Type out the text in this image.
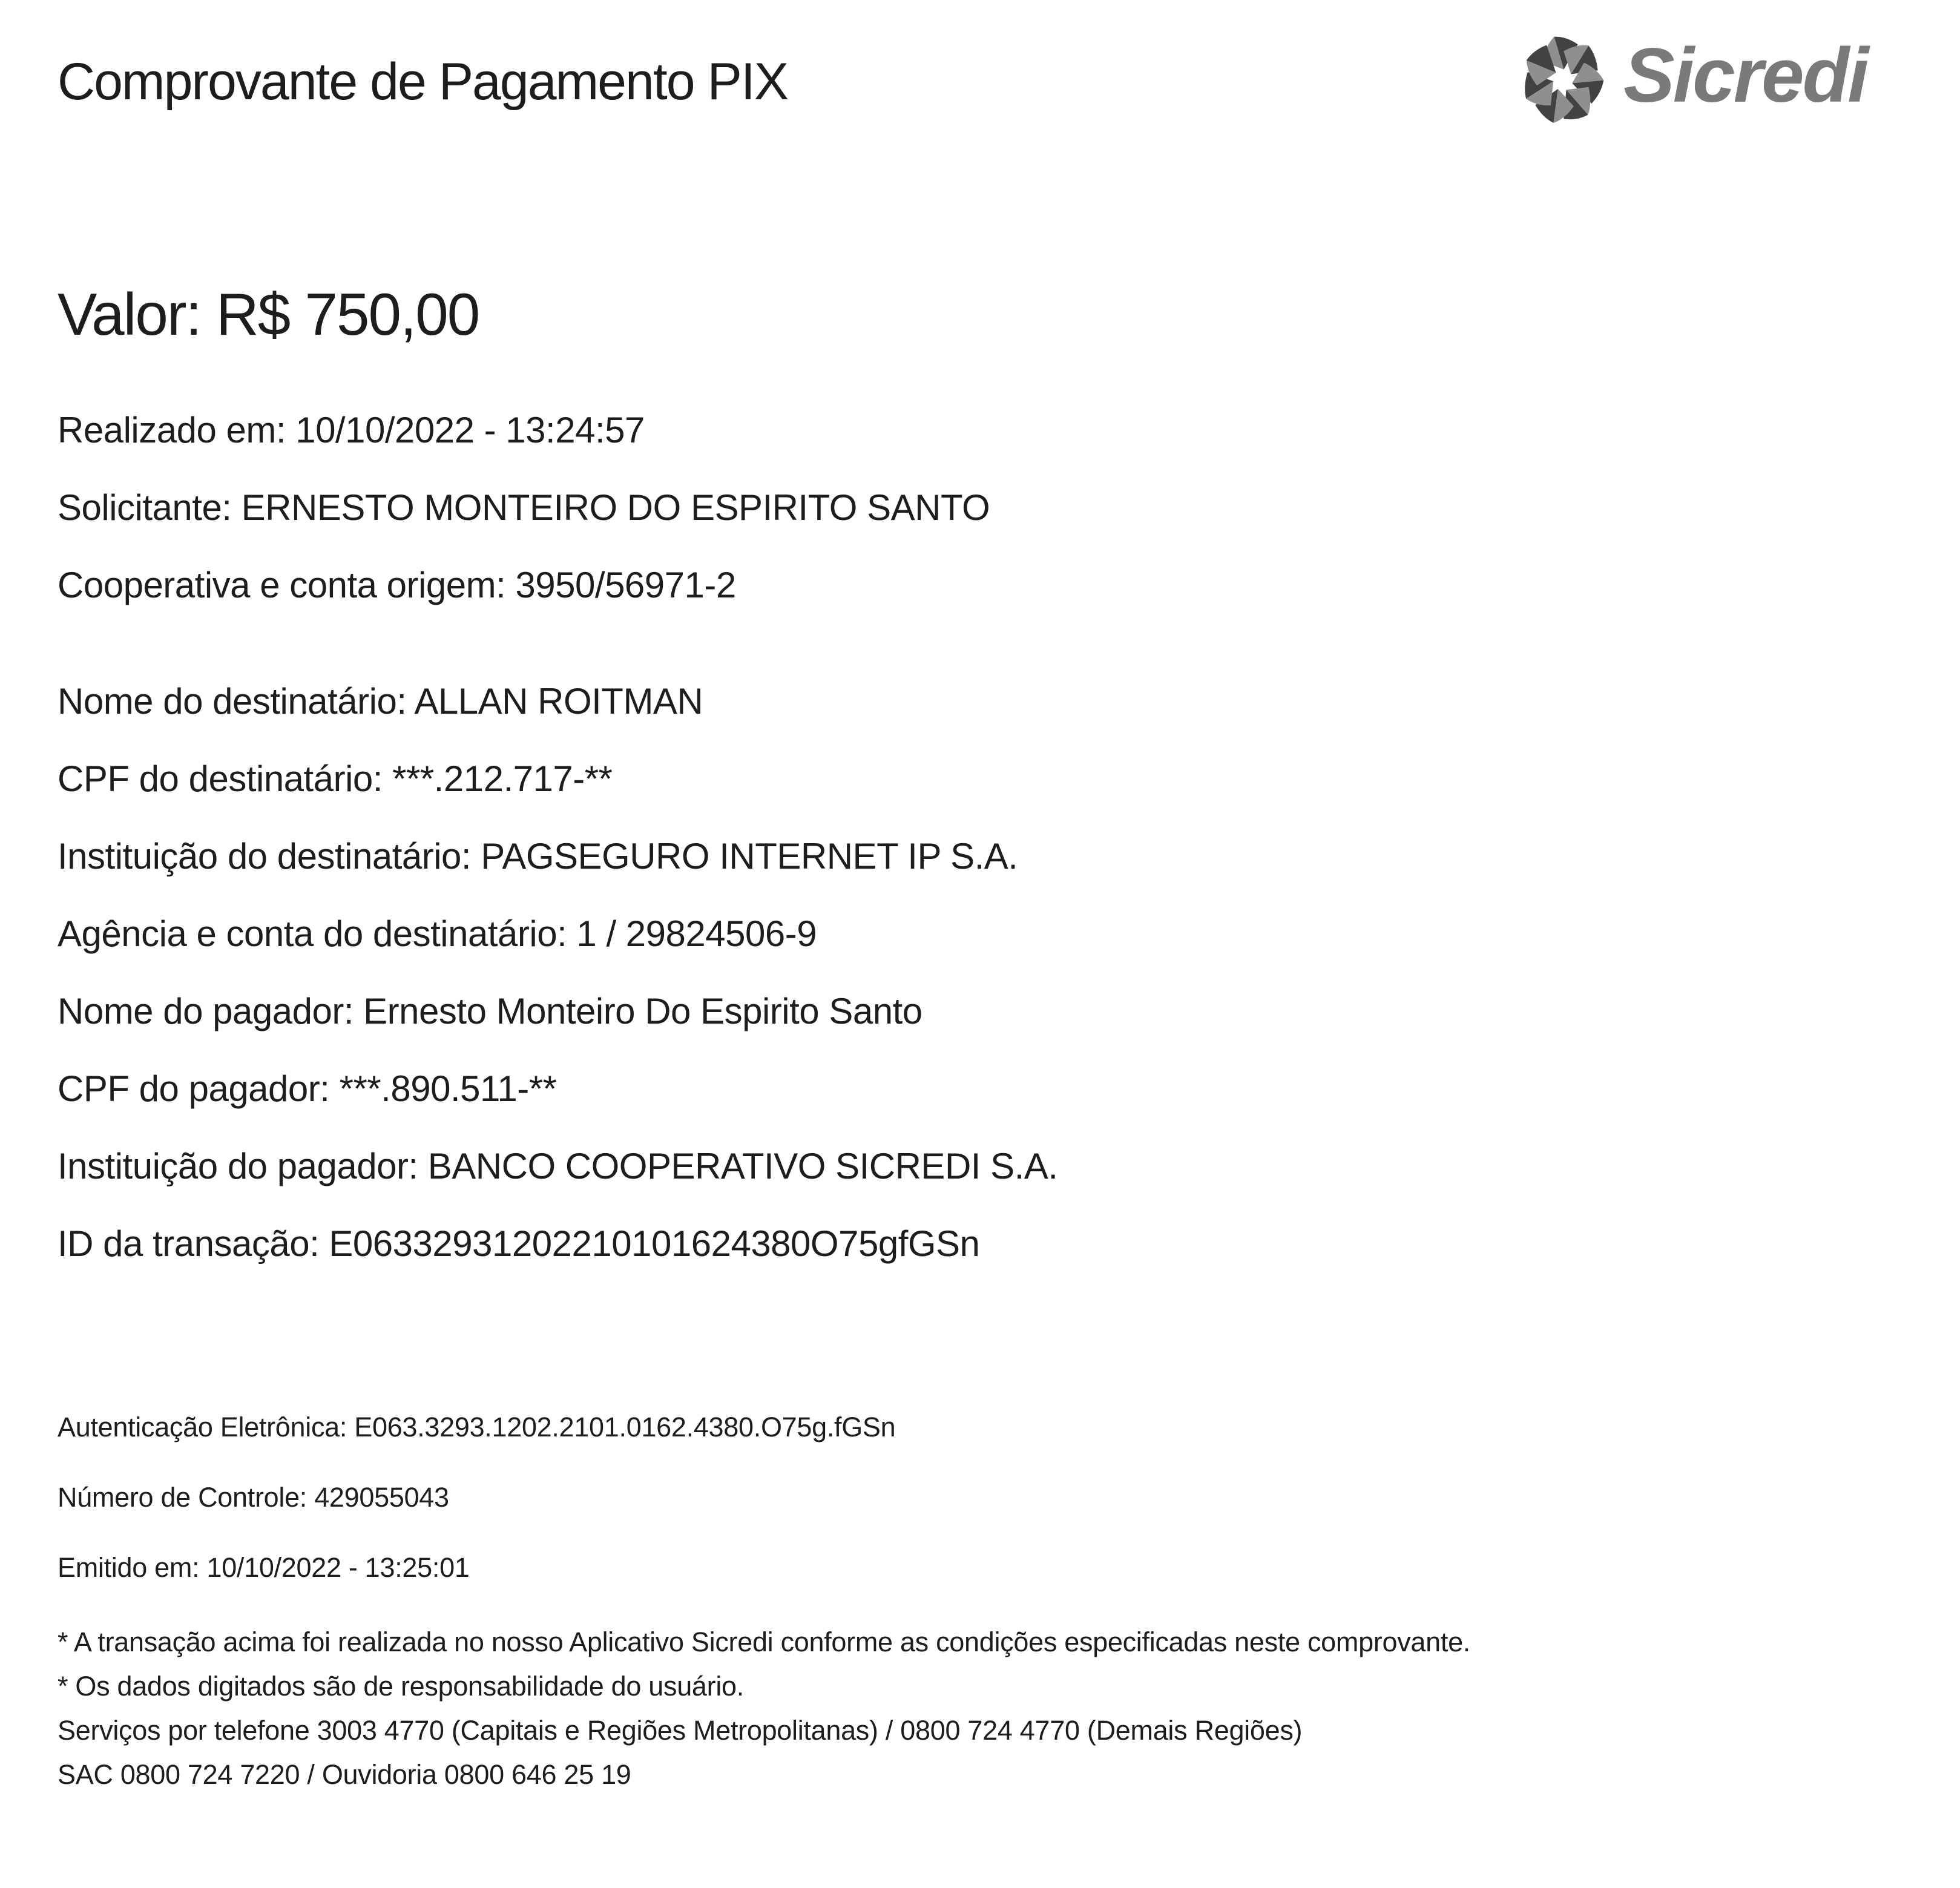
Comprovante de Pagamento PIX	Sicredi
Valor: R$ 750,00
Realizado em: 10/10/2022 - 13:24:57
Solicitante: ERNESTO MONTEIRO DO ESPIRITO SANTO
Cooperativa e conta origem: 3950/56971-2
Nome do destinatário: ALLAN ROITMAN
CPF do destinatário: ***.212.717-**
Instituição do destinatário: PAGSEGURO INTERNET IP S.A.
Agência e conta do destinatário: 1 / 29824506-9
Nome do pagador: Ernesto Monteiro Do Espirito Santo
CPF do pagador: ***.890.511-**
Instituição do pagador: BANCO COOPERATIVO SICREDI S.A.
ID da transação: E06332931202210101624380O75gfGSn
Autenticação Eletrônica: E063.3293.1202.2101.0162.4380.O75g.fGSn
Número de Controle: 429055043
Emitido em: 10/10/2022 - 13:25:01
* A transação acima foi realizada no nosso Aplicativo Sicredi conforme as condições especificadas neste comprovante.
* Os dados digitados são de responsabilidade do usuário.
Serviços por telefone 3003 4770 (Capitais e Regiões Metropolitanas) / 0800 724 4770 (Demais Regiões)
SAC 0800 724 7220 / Ouvidoria 0800 646 25 19
